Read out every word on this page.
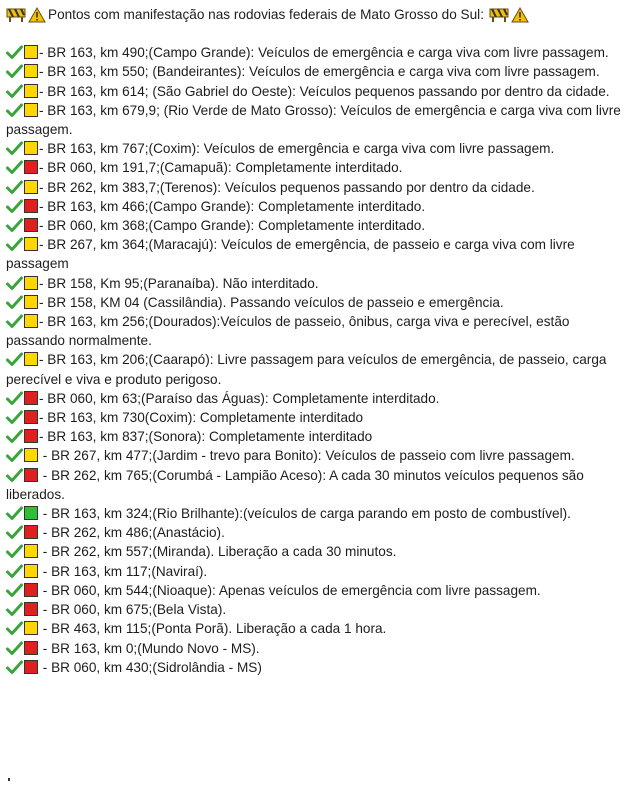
Pontos com manifestação nas rodovias federais de Mato Grosso do Sul:
- BR 163, km 490;(Campo Grande): Veículos de emergência e carga viva com livre passagem.
- BR 163, km 550; (Bandeirantes): Veículos de emergência e carga viva com livre passagem.
- BR 163, km 614; (São Gabriel do Oeste): Veículos pequenos passando por dentro da cidade.
- BR 163, km 679,9; (Rio Verde de Mato Grosso): Veículos de emergência e carga viva com livre passagem.
- BR 163, km 767;(Coxim): Veículos de emergência e carga viva com livre passagem.
- BR 060, km 191,7;(Camapuã): Completamente interditado.
- BR 262, km 383,7;(Terenos): Veículos pequenos passando por dentro da cidade.
- BR 163, km 466;(Campo Grande): Completamente interditado.
- BR 060, km 368;(Campo Grande): Completamente interditado.
- BR 267, km 364;(Maracajú): Veículos de emergência, de passeio e carga viva com livre passagem
- BR 158, Km 95;(Paranaíba). Não interditado.
- BR 158, KM 04 (Cassilândia). Passando veículos de passeio e emergência.
- BR 163, km 256;(Dourados):Veículos de passeio, ônibus, carga viva e perecível, estão passando normalmente.
- BR 163, km 206;(Caarapó): Livre passagem para veículos de emergência, de passeio, carga perecível e viva e produto perigoso.
- BR 060, km 63;(Paraíso das Águas): Completamente interditado.
- BR 163, km 730(Coxim): Completamente interditado
- BR 163, km 837;(Sonora): Completamente interditado
- BR 267, km 477;(Jardim - trevo para Bonito): Veículos de passeio com livre passagem.
- BR 262, km 765;(Corumbá - Lampião Aceso): A cada 30 minutos veículos pequenos são liberados.
- BR 163, km 324;(Rio Brilhante):(veículos de carga parando em posto de combustível).
- BR 262, km 486;(Anastácio).
- BR 262, km 557;(Miranda). Liberação a cada 30 minutos.
- BR 163, km 117;(Naviraí).
- BR 060, km 544;(Nioaque): Apenas veículos de emergência com livre passagem.
- BR 060, km 675;(Bela Vista).
- BR 463, km 115;(Ponta Porã). Liberação a cada 1 hora.
- BR 163, km 0;(Mundo Novo - MS).
- BR 060, km 430;(Sidrolândia - MS)
